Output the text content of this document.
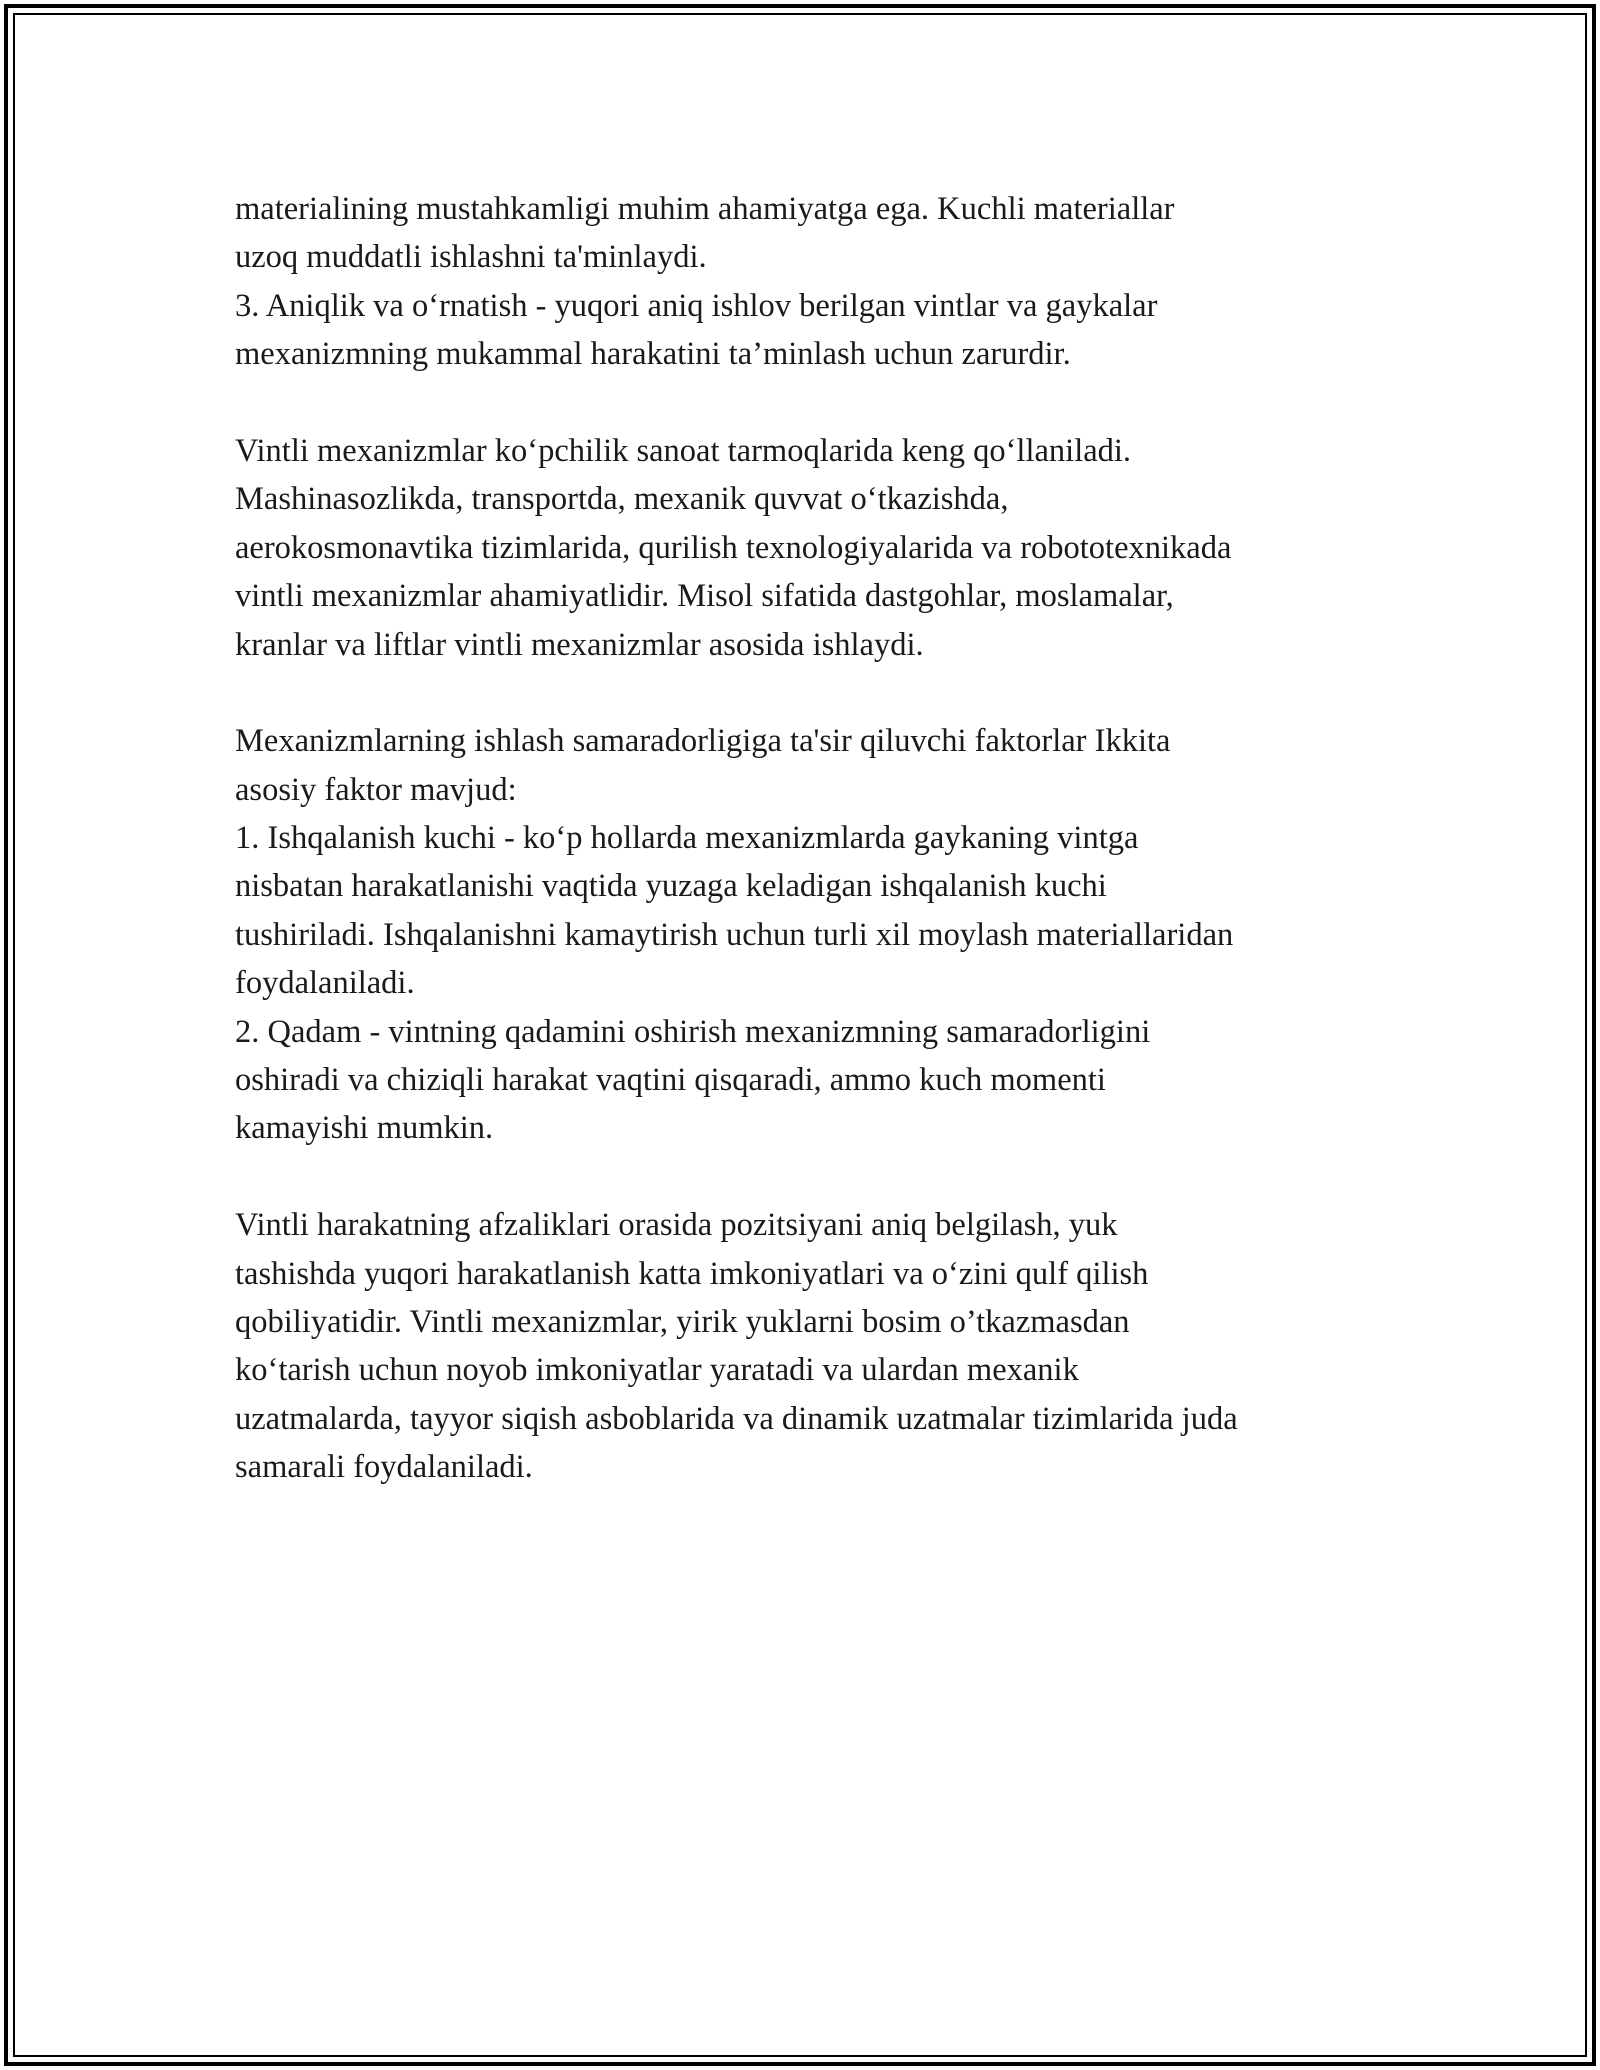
materialining mustahkamligi muhim ahamiyatga ega. Kuchli materiallar
uzoq muddatli ishlashni ta'minlaydi.
3. Aniqlik va o‘rnatish - yuqori aniq ishlov berilgan vintlar va gaykalar
mexanizmning mukammal harakatini ta’minlash uchun zarurdir.
Vintli mexanizmlar ko‘pchilik sanoat tarmoqlarida keng qo‘llaniladi.
Mashinasozlikda, transportda, mexanik quvvat o‘tkazishda,
aerokosmonavtika tizimlarida, qurilish texnologiyalarida va robototexnikada
vintli mexanizmlar ahamiyatlidir. Misol sifatida dastgohlar, moslamalar,
kranlar va liftlar vintli mexanizmlar asosida ishlaydi.
Mexanizmlarning ishlash samaradorligiga ta'sir qiluvchi faktorlar Ikkita
asosiy faktor mavjud:
1. Ishqalanish kuchi - ko‘p hollarda mexanizmlarda gaykaning vintga
nisbatan harakatlanishi vaqtida yuzaga keladigan ishqalanish kuchi
tushiriladi. Ishqalanishni kamaytirish uchun turli xil moylash materiallaridan
foydalaniladi.
2. Qadam - vintning qadamini oshirish mexanizmning samaradorligini
oshiradi va chiziqli harakat vaqtini qisqaradi, ammo kuch momenti
kamayishi mumkin.
Vintli harakatning afzaliklari orasida pozitsiyani aniq belgilash, yuk
tashishda yuqori harakatlanish katta imkoniyatlari va o‘zini qulf qilish
qobiliyatidir. Vintli mexanizmlar, yirik yuklarni bosim o’tkazmasdan
ko‘tarish uchun noyob imkoniyatlar yaratadi va ulardan mexanik
uzatmalarda, tayyor siqish asboblarida va dinamik uzatmalar tizimlarida juda
samarali foydalaniladi.
